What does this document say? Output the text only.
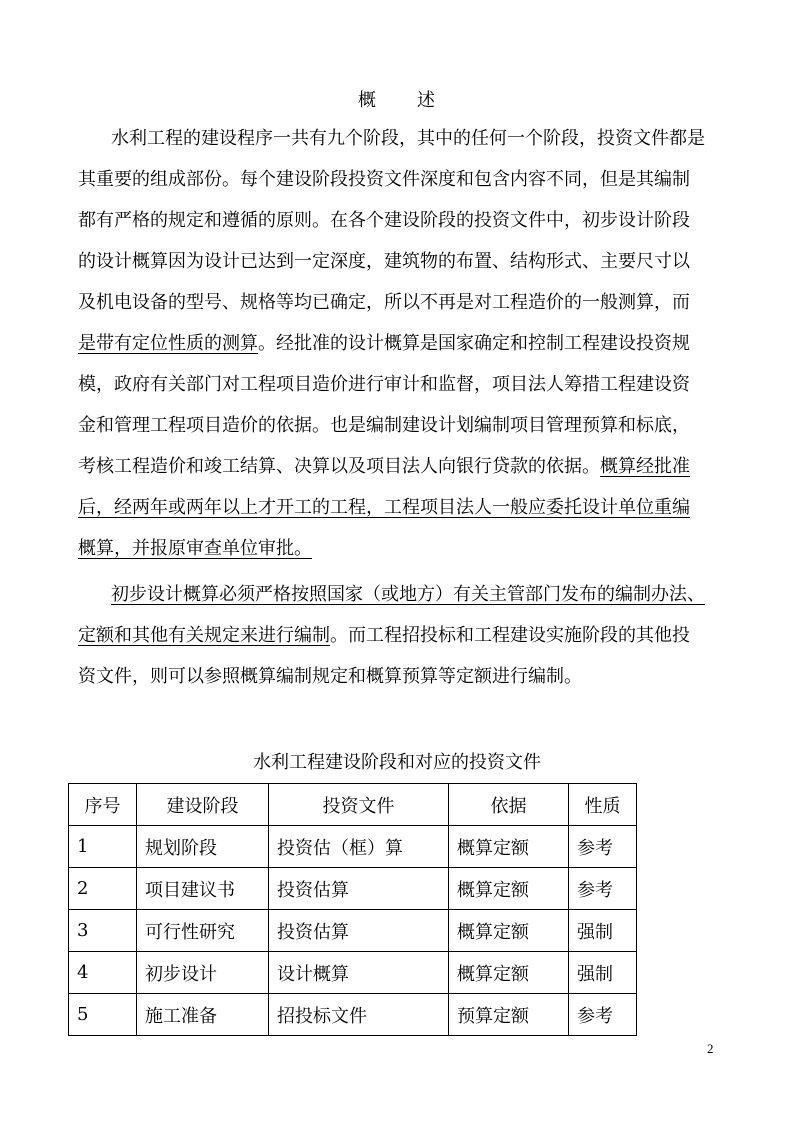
概 述
水利工程的建设程序一共有九个阶段，其中的任何一个阶段，投资文件都是
其重要的组成部份。每个建设阶段投资文件深度和包含内容不同，但是其编制
都有严格的规定和遵循的原则。在各个建设阶段的投资文件中，初步设计阶段
的设计概算因为设计已达到一定深度，建筑物的布置、结构形式、主要尺寸以
及机电设备的型号、规格等均已确定，所以不再是对工程造价的一般测算，而
是带有定位性质的测算。经批准的设计概算是国家确定和控制工程建设投资规
模，政府有关部门对工程项目造价进行审计和监督，项目法人筹措工程建设资
金和管理工程项目造价的依据。也是编制建设计划编制项目管理预算和标底，
考核工程造价和竣工结算、决算以及项目法人向银行贷款的依据。概算经批准
后，经两年或两年以上才开工的工程，工程项目法人一般应委托设计单位重编
概算，并报原审查单位审批。
初步设计概算必须严格按照国家（或地方）有关主管部门发布的编制办法、
定额和其他有关规定来进行编制。而工程招投标和工程建设实施阶段的其他投
资文件，则可以参照概算编制规定和概算预算等定额进行编制。
水利工程建设阶段和对应的投资文件
序号	建设阶段	投资文件	依据	性质
1	规划阶段	投资估（框）算	概算定额	参考
2	项目建议书	投资估算	概算定额	参考
3	可行性研究	投资估算	概算定额	强制
4	初步设计	设计概算	概算定额	强制
5	施工准备	招投标文件	预算定额	参考
2
